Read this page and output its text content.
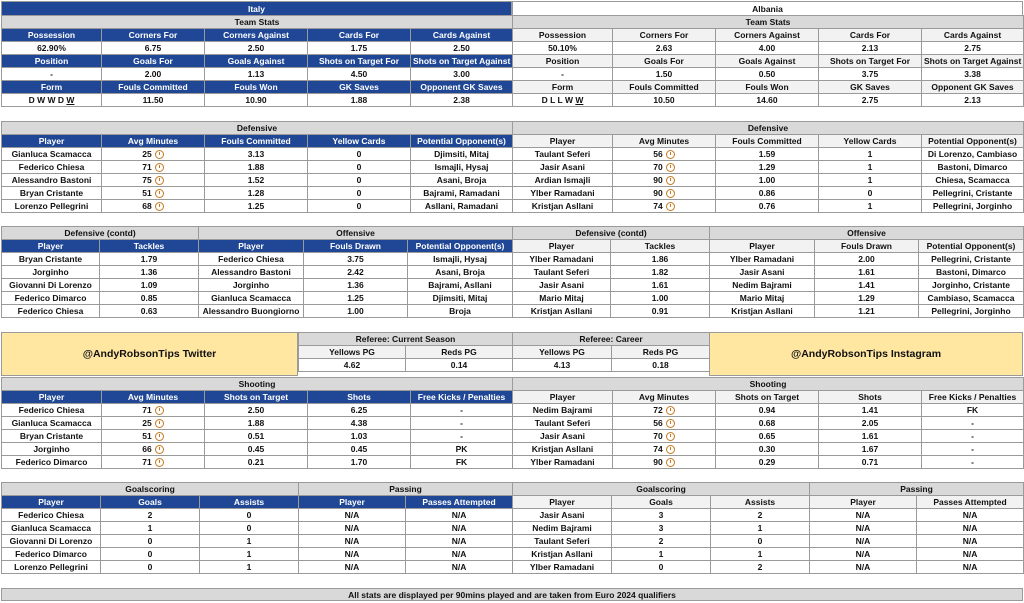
Italy	Albania
Team Stats				
Possession	Corners For	Corners Against	Cards For	Cards Against
62.90%	6.75	2.50	1.75	2.50
Position	Goals For	Goals Against	Shots on Target For	Shots on Target Against
-	2.00	1.13	4.50	3.00
Form	Fouls Committed	Fouls Won	GK Saves	Opponent GK Saves
D W W D W	11.50	10.90	1.88	2.38
Team Stats				
Possession	Corners For	Corners Against	Cards For	Cards Against
50.10%	2.63	4.00	2.13	2.75
Position	Goals For	Goals Against	Shots on Target For	Shots on Target Against
-	1.50	0.50	3.75	3.38
Form	Fouls Committed	Fouls Won	GK Saves	Opponent GK Saves
D L L W W	10.50	14.60	2.75	2.13
Defensive				
Player	Avg Minutes	Fouls Committed	Yellow Cards	Potential Opponent(s)
Gianluca Scamacca	25	3.13	0	Djimsiti, Mitaj
Federico Chiesa	71	1.88	0	Ismajli, Hysaj
Alessandro Bastoni	75	1.52	0	Asani, Broja
Bryan Cristante	51	1.28	0	Bajrami, Ramadani
Lorenzo Pellegrini	68	1.25	0	Asllani, Ramadani
Defensive				
Player	Avg Minutes	Fouls Committed	Yellow Cards	Potential Opponent(s)
Taulant Seferi	56	1.59	1	Di Lorenzo, Cambiaso
Jasir Asani	70	1.29	1	Bastoni, Dimarco
Ardian Ismajli	90	1.00	1	Chiesa, Scamacca
Ylber Ramadani	90	0.86	0	Pellegrini, Cristante
Kristjan Asllani	74	0.76	1	Pellegrini, Jorginho
Defensive (contd)	
Player	Tackles
Bryan Cristante	1.79
Jorginho	1.36
Giovanni Di Lorenzo	1.09
Federico Dimarco	0.85
Federico Chiesa	0.63
Offensive		
Player	Fouls Drawn	Potential Opponent(s)
Federico Chiesa	3.75	Ismajli, Hysaj
Alessandro Bastoni	2.42	Asani, Broja
Jorginho	1.36	Bajrami, Asllani
Gianluca Scamacca	1.25	Djimsiti, Mitaj
Alessandro Buongiorno	1.00	Broja
Defensive (contd)	
Player	Tackles
Ylber Ramadani	1.86
Taulant Seferi	1.82
Jasir Asani	1.61
Mario Mitaj	1.00
Kristjan Asllani	0.91
Offensive		
Player	Fouls Drawn	Potential Opponent(s)
Ylber Ramadani	2.00	Pellegrini, Cristante
Jasir Asani	1.61	Bastoni, Dimarco
Nedim Bajrami	1.41	Jorginho, Cristante
Mario Mitaj	1.29	Cambiaso, Scamacca
Kristjan Asllani	1.21	Pellegrini, Jorginho
@AndyRobsonTips Twitter
Referee: Current Season	
Yellows PG	Reds PG
4.62	0.14
Referee: Career	
Yellows PG	Reds PG
4.13	0.18
@AndyRobsonTips Instagram
Shooting				
Player	Avg Minutes	Shots on Target	Shots	Free Kicks / Penalties
Federico Chiesa	71	2.50	6.25	-
Gianluca Scamacca	25	1.88	4.38	-
Bryan Cristante	51	0.51	1.03	-
Jorginho	66	0.45	0.45	PK
Federico Dimarco	71	0.21	1.70	FK
Shooting				
Player	Avg Minutes	Shots on Target	Shots	Free Kicks / Penalties
Nedim Bajrami	72	0.94	1.41	FK
Taulant Seferi	56	0.68	2.05	-
Jasir Asani	70	0.65	1.61	-
Kristjan Asllani	74	0.30	1.67	-
Ylber Ramadani	90	0.29	0.71	-
Goalscoring		
Player	Goals	Assists
Federico Chiesa	2	0
Gianluca Scamacca	1	0
Giovanni Di Lorenzo	0	1
Federico Dimarco	0	1
Lorenzo Pellegrini	0	1
Passing	
Player	Passes Attempted
N/A	N/A
N/A	N/A
N/A	N/A
N/A	N/A
N/A	N/A
Goalscoring		
Player	Goals	Assists
Jasir Asani	3	2
Nedim Bajrami	3	1
Taulant Seferi	2	0
Kristjan Asllani	1	1
Ylber Ramadani	0	2
Passing	
Player	Passes Attempted
N/A	N/A
N/A	N/A
N/A	N/A
N/A	N/A
N/A	N/A
All stats are displayed per 90mins played and are taken from Euro 2024 qualifiers
